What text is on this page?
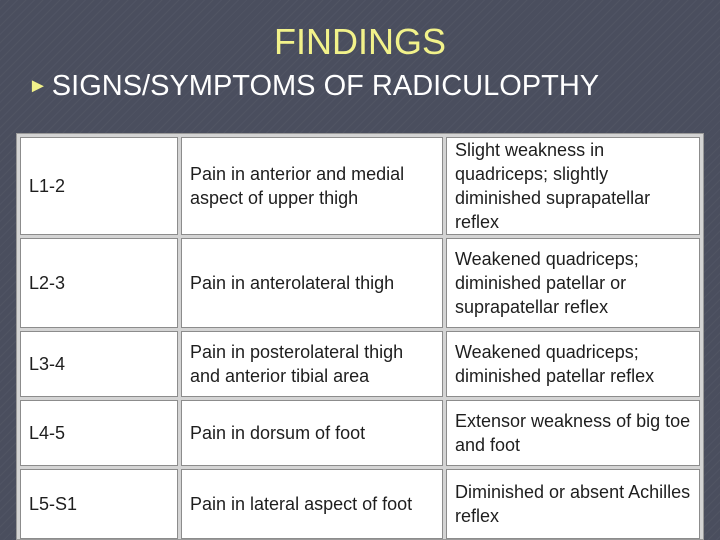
FINDINGS
► SIGNS/SYMPTOMS OF RADICULOPTHY
L1-2	Pain in anterior and medial aspect of upper thigh	Slight weakness in quadriceps; slightly diminished suprapatellar reflex
L2-3	Pain in anterolateral thigh	Weakened quadriceps; diminished patellar or suprapatellar reflex
L3-4	Pain in posterolateral thigh and anterior tibial area	Weakened quadriceps; diminished patellar reflex
L4-5	Pain in dorsum of foot	Extensor weakness of big toe and foot
L5-S1	Pain in lateral aspect of foot	Diminished or absent Achilles reflex
